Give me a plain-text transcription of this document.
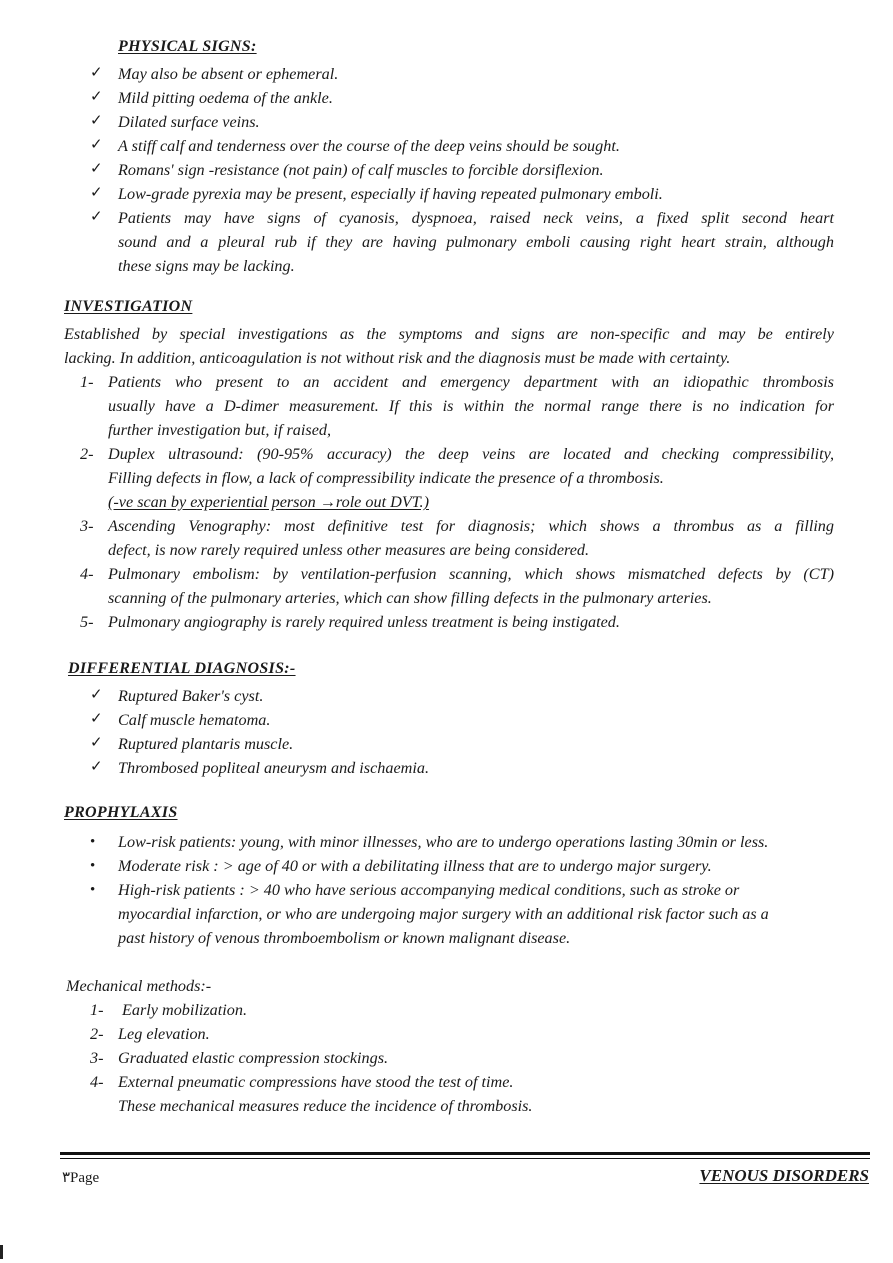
PHYSICAL SIGNS:
✓ May also be absent or ephemeral.
✓ Mild pitting oedema of the ankle.
✓ Dilated surface veins.
✓ A stiff calf and tenderness over the course of the deep veins should be sought.
✓ Romans' sign -resistance (not pain) of calf muscles to forcible dorsiflexion.
✓ Low-grade pyrexia may be present, especially if having repeated pulmonary emboli.
✓ Patients may have signs of cyanosis, dyspnoea, raised neck veins, a fixed split second heart
sound and a pleural rub if they are having pulmonary emboli causing right heart strain, although
these signs may be lacking.
INVESTIGATION
Established by special investigations as the symptoms and signs are non-specific and may be entirely
lacking. In addition, anticoagulation is not without risk and the diagnosis must be made with certainty.
1- Patients who present to an accident and emergency department with an idiopathic thrombosis
usually have a D-dimer measurement. If this is within the normal range there is no indication for
further investigation but, if raised,
2- Duplex ultrasound: (90-95% accuracy) the deep veins are located and checking compressibility,
Filling defects in flow, a lack of compressibility indicate the presence of a thrombosis.
(-ve scan by experiential person →role out DVT.)
3- Ascending Venography: most definitive test for diagnosis; which shows a thrombus as a filling
defect, is now rarely required unless other measures are being considered.
4- Pulmonary embolism: by ventilation-perfusion scanning, which shows mismatched defects by (CT)
scanning of the pulmonary arteries, which can show filling defects in the pulmonary arteries.
5- Pulmonary angiography is rarely required unless treatment is being instigated.
DIFFERENTIAL DIAGNOSIS:-
✓ Ruptured Baker's cyst.
✓ Calf muscle hematoma.
✓ Ruptured plantaris muscle.
✓ Thrombosed popliteal aneurysm and ischaemia.
PROPHYLAXIS
• Low-risk patients: young, with minor illnesses, who are to undergo operations lasting 30min or less.
• Moderate risk : > age of 40 or with a debilitating illness that are to undergo major surgery.
• High-risk patients : > 40 who have serious accompanying medical conditions, such as stroke or
myocardial infarction, or who are undergoing major surgery with an additional risk factor such as a
past history of venous thromboembolism or known malignant disease.
Mechanical methods:-
1- Early mobilization.
2- Leg elevation.
3- Graduated elastic compression stockings.
4- External pneumatic compressions have stood the test of time.
These mechanical measures reduce the incidence of thrombosis.
٣Page	VENOUS DISORDERS
